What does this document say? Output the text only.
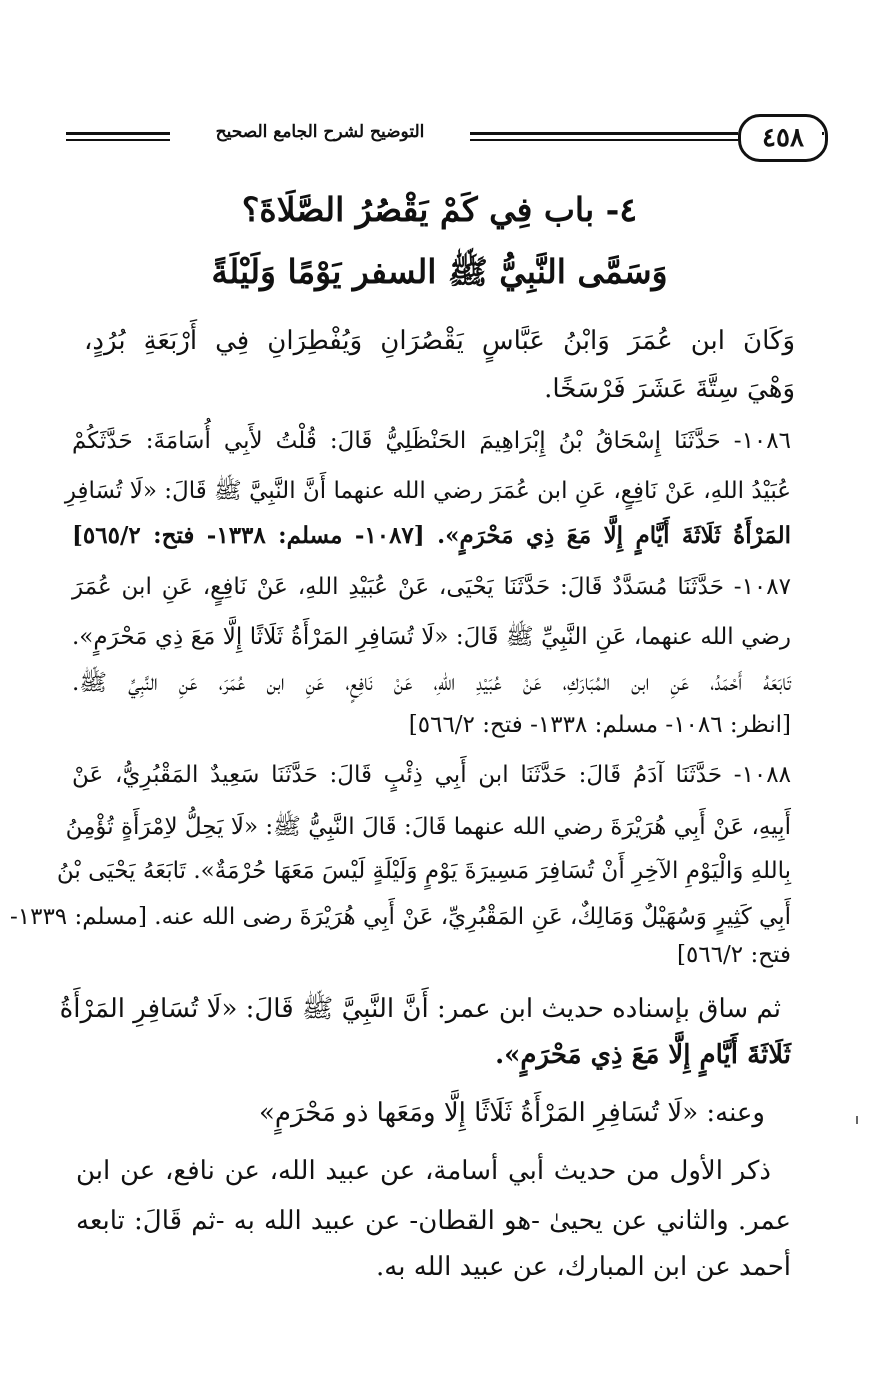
التوضيح لشرح الجامع الصحيح	٤٥٨
٤- باب فِي كَمْ يَقْصُرُ الصَّلَاةَ؟
وَسَمَّى النَّبِيُّ ﷺ السفر يَوْمًا وَلَيْلَةً
وَكَانَ ابن عُمَرَ وَابْنُ عَبَّاسٍ يَقْصُرَانِ وَيُفْطِرَانِ فِي أَرْبَعَةِ بُرُدٍ،
وَهْيَ سِتَّةَ عَشَرَ فَرْسَخًا.
١٠٨٦- حَدَّثَنَا إِسْحَاقُ بْنُ إِبْرَاهِيمَ الحَنْظَلِيُّ قَالَ: قُلْتُ لأَبِي أُسَامَةَ: حَدَّثَكُمْ
عُبَيْدُ اللهِ، عَنْ نَافِعٍ، عَنِ ابن عُمَرَ رضي الله عنهما أَنَّ النَّبِيَّ ﷺ قَالَ: «لَا تُسَافِرِ
المَرْأَةُ ثَلَاثَةَ أَيَّامٍ إِلَّا مَعَ ذِي مَحْرَمٍ». [١٠٨٧- مسلم: ١٣٣٨- فتح: ٥٦٥/٢]
١٠٨٧- حَدَّثَنَا مُسَدَّدٌ قَالَ: حَدَّثَنَا يَحْيَى، عَنْ عُبَيْدِ اللهِ، عَنْ نَافِعٍ، عَنِ ابن عُمَرَ
رضي الله عنهما، عَنِ النَّبِيِّ ﷺ قَالَ: «لَا تُسَافِرِ المَرْأَةُ ثَلَاثًا إِلَّا مَعَ ذِي مَحْرَمٍ».
تَابَعَهُ أَحْمَدُ، عَنِ ابن المُبَارَكِ، عَنْ عُبَيْدِ اللهِ، عَنْ نَافِعٍ، عَنِ ابن عُمَرَ، عَنِ النَّبِيِّ ﷺ.
[انظر: ١٠٨٦- مسلم: ١٣٣٨- فتح: ٥٦٦/٢]
١٠٨٨- حَدَّثَنَا آدَمُ قَالَ: حَدَّثَنَا ابن أَبِي ذِئْبٍ قَالَ: حَدَّثَنَا سَعِيدٌ المَقْبُرِيُّ، عَنْ
أَبِيهِ، عَنْ أَبِي هُرَيْرَةَ رضي الله عنهما قَالَ: قَالَ النَّبِيُّ ﷺ: «لَا يَحِلُّ لاِمْرَأَةٍ تُؤْمِنُ
بِاللهِ وَالْيَوْمِ الآخِرِ أَنْ تُسَافِرَ مَسِيرَةَ يَوْمٍ وَلَيْلَةٍ لَيْسَ مَعَهَا حُرْمَةٌ». تَابَعَهُ يَحْيَى بْنُ
أَبِي كَثِيرٍ وَسُهَيْلٌ وَمَالِكٌ، عَنِ المَقْبُرِيِّ، عَنْ أَبِي هُرَيْرَةَ رضى الله عنه. [مسلم: ١٣٣٩-
فتح: ٥٦٦/٢]
ثم ساق بإسناده حديث ابن عمر: أَنَّ النَّبِيَّ ﷺ قَالَ: «لَا تُسَافِرِ المَرْأَةُ
ثَلَاثَةَ أَيَّامٍ إِلَّا مَعَ ذِي مَحْرَمٍ».
وعنه: «لَا تُسَافِرِ المَرْأَةُ ثَلَاثًا إِلَّا ومَعَها ذو مَحْرَمٍ»
ذكر الأول من حديث أبي أسامة، عن عبيد الله، عن نافع، عن ابن
عمر. والثاني عن يحيىٰ -هو القطان- عن عبيد الله به -ثم قَالَ: تابعه
أحمد عن ابن المبارك، عن عبيد الله به.
